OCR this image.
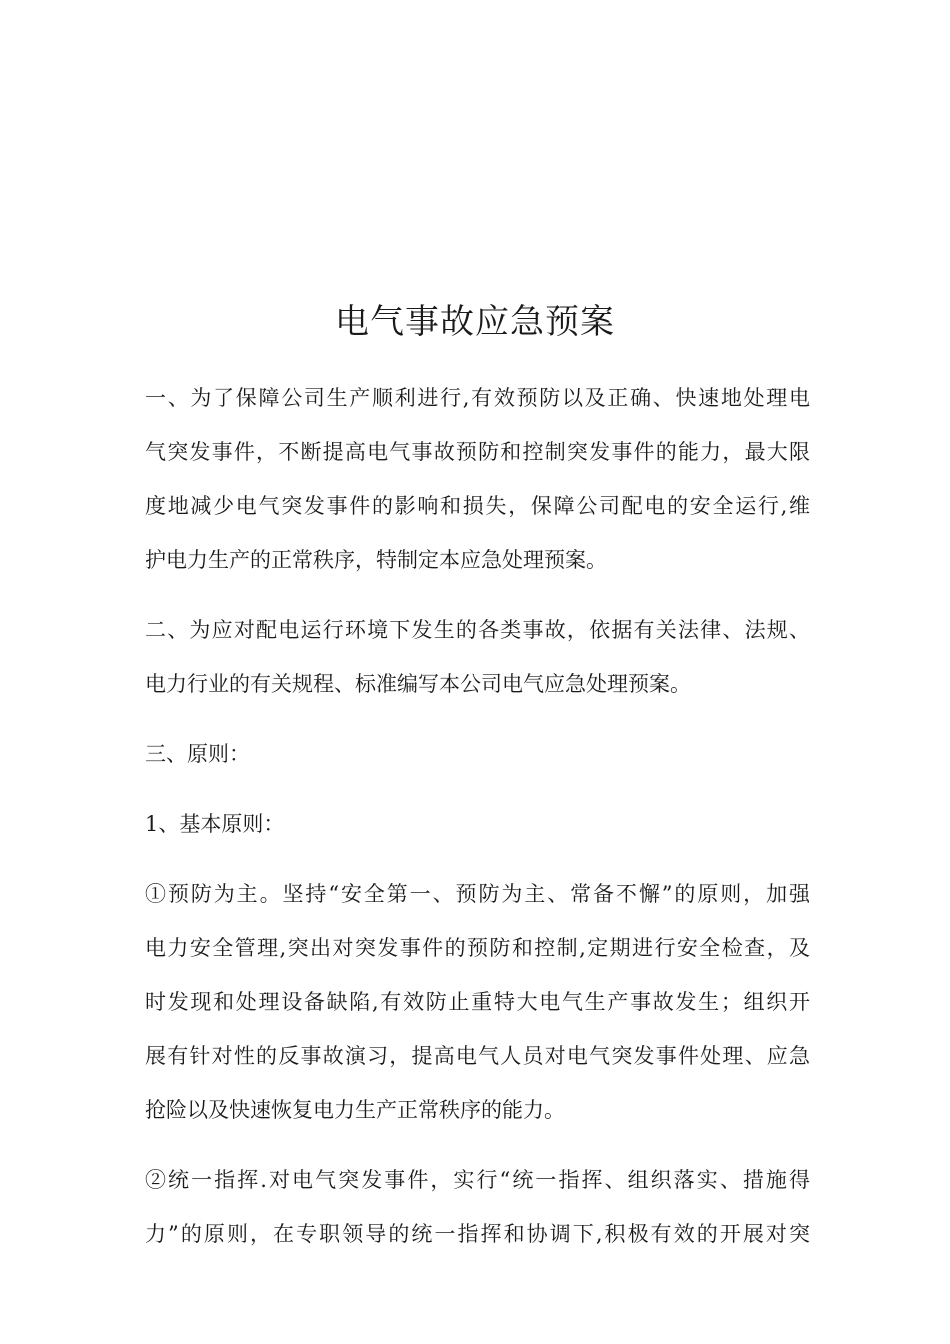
电气事故应急预案
一、为了保障公司生产顺利进行,有效预防以及正确、快速地处理电
气突发事件，不断提高电气事故预防和控制突发事件的能力，最大限
度地减少电气突发事件的影响和损失，保障公司配电的安全运行,维
护电力生产的正常秩序，特制定本应急处理预案。
二、为应对配电运行环境下发生的各类事故，依据有关法律、法规、
电力行业的有关规程、标准编写本公司电气应急处理预案。
三、原则：
1、基本原则：
①预防为主。坚持“安全第一、预防为主、常备不懈”的原则，加强
电力安全管理,突出对突发事件的预防和控制,定期进行安全检查，及
时发现和处理设备缺陷,有效防止重特大电气生产事故发生；组织开
展有针对性的反事故演习，提高电气人员对电气突发事件处理、应急
抢险以及快速恢复电力生产正常秩序的能力。
②统一指挥.对电气突发事件，实行“统一指挥、组织落实、措施得
力”的原则，在专职领导的统一指挥和协调下,积极有效的开展对突
